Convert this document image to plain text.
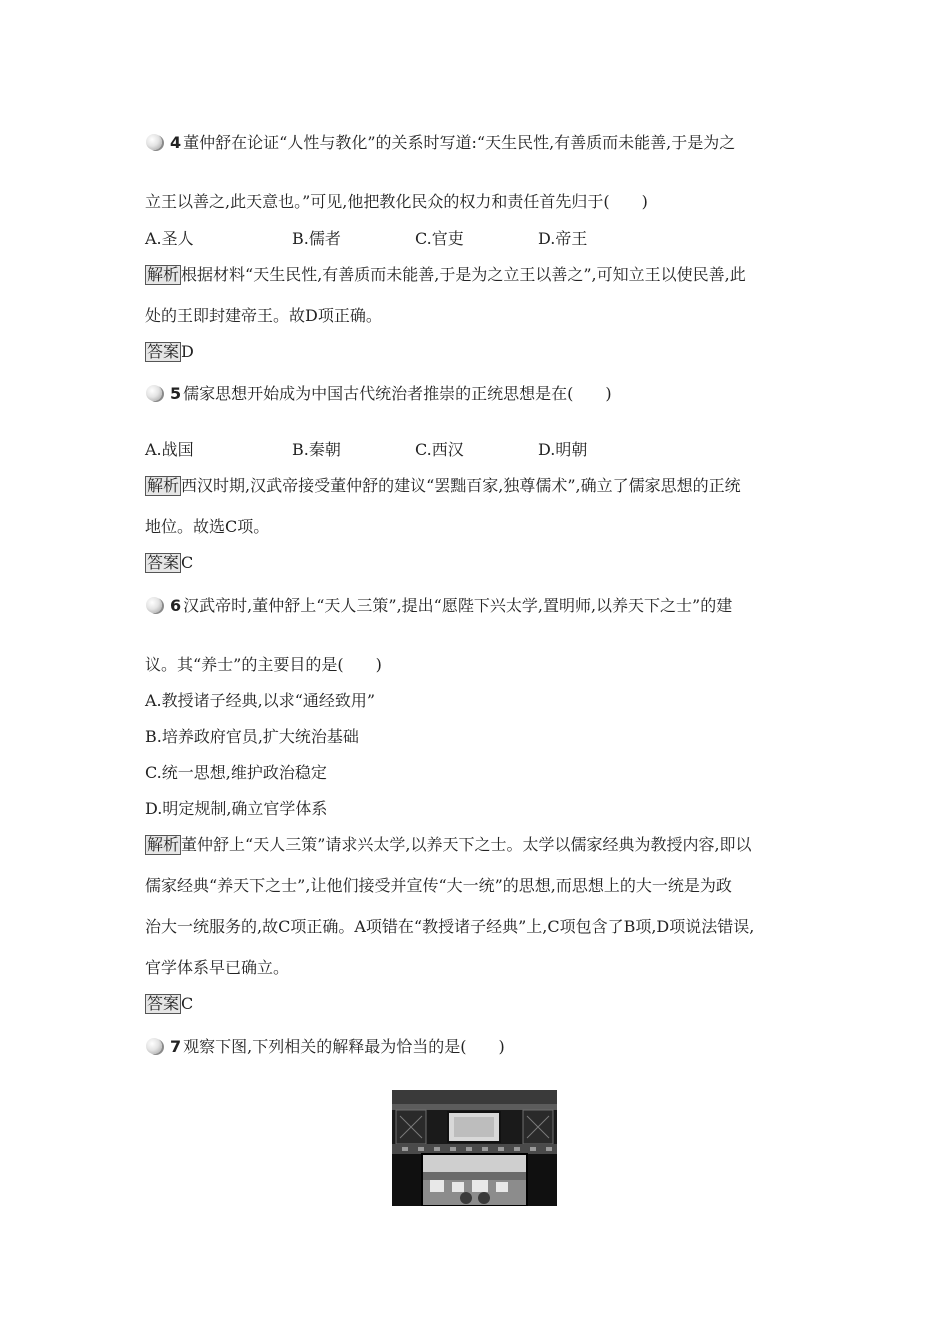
4 董仲舒在论证“人性与教化”的关系时写道:“天生民性,有善质而未能善,于是为之
立王以善之,此天意也。”可见,他把教化民众的权力和责任首先归于(　　)
A.圣人	B.儒者	C.官吏	D.帝王
解析 根据材料“天生民性,有善质而未能善,于是为之立王以善之”,可知立王以使民善,此
处的王即封建帝王。故D项正确。
答案 D
5 儒家思想开始成为中国古代统治者推崇的正统思想是在(　　)
A.战国	B.秦朝	C.西汉	D.明朝
解析 西汉时期,汉武帝接受董仲舒的建议“罢黜百家,独尊儒术”,确立了儒家思想的正统
地位。故选C项。
答案 C
6 汉武帝时,董仲舒上“天人三策”,提出“愿陛下兴太学,置明师,以养天下之士”的建
议。其“养士”的主要目的是(　　)
A.教授诸子经典,以求“通经致用”
B.培养政府官员,扩大统治基础
C.统一思想,维护政治稳定
D.明定规制,确立官学体系
解析 董仲舒上“天人三策”请求兴太学,以养天下之士。太学以儒家经典为教授内容,即以
儒家经典“养天下之士”,让他们接受并宣传“大一统”的思想,而思想上的大一统是为政
治大一统服务的,故C项正确。A项错在“教授诸子经典”上,C项包含了B项,D项说法错误,
官学体系早已确立。
答案 C
7 观察下图,下列相关的解释最为恰当的是(　　)
